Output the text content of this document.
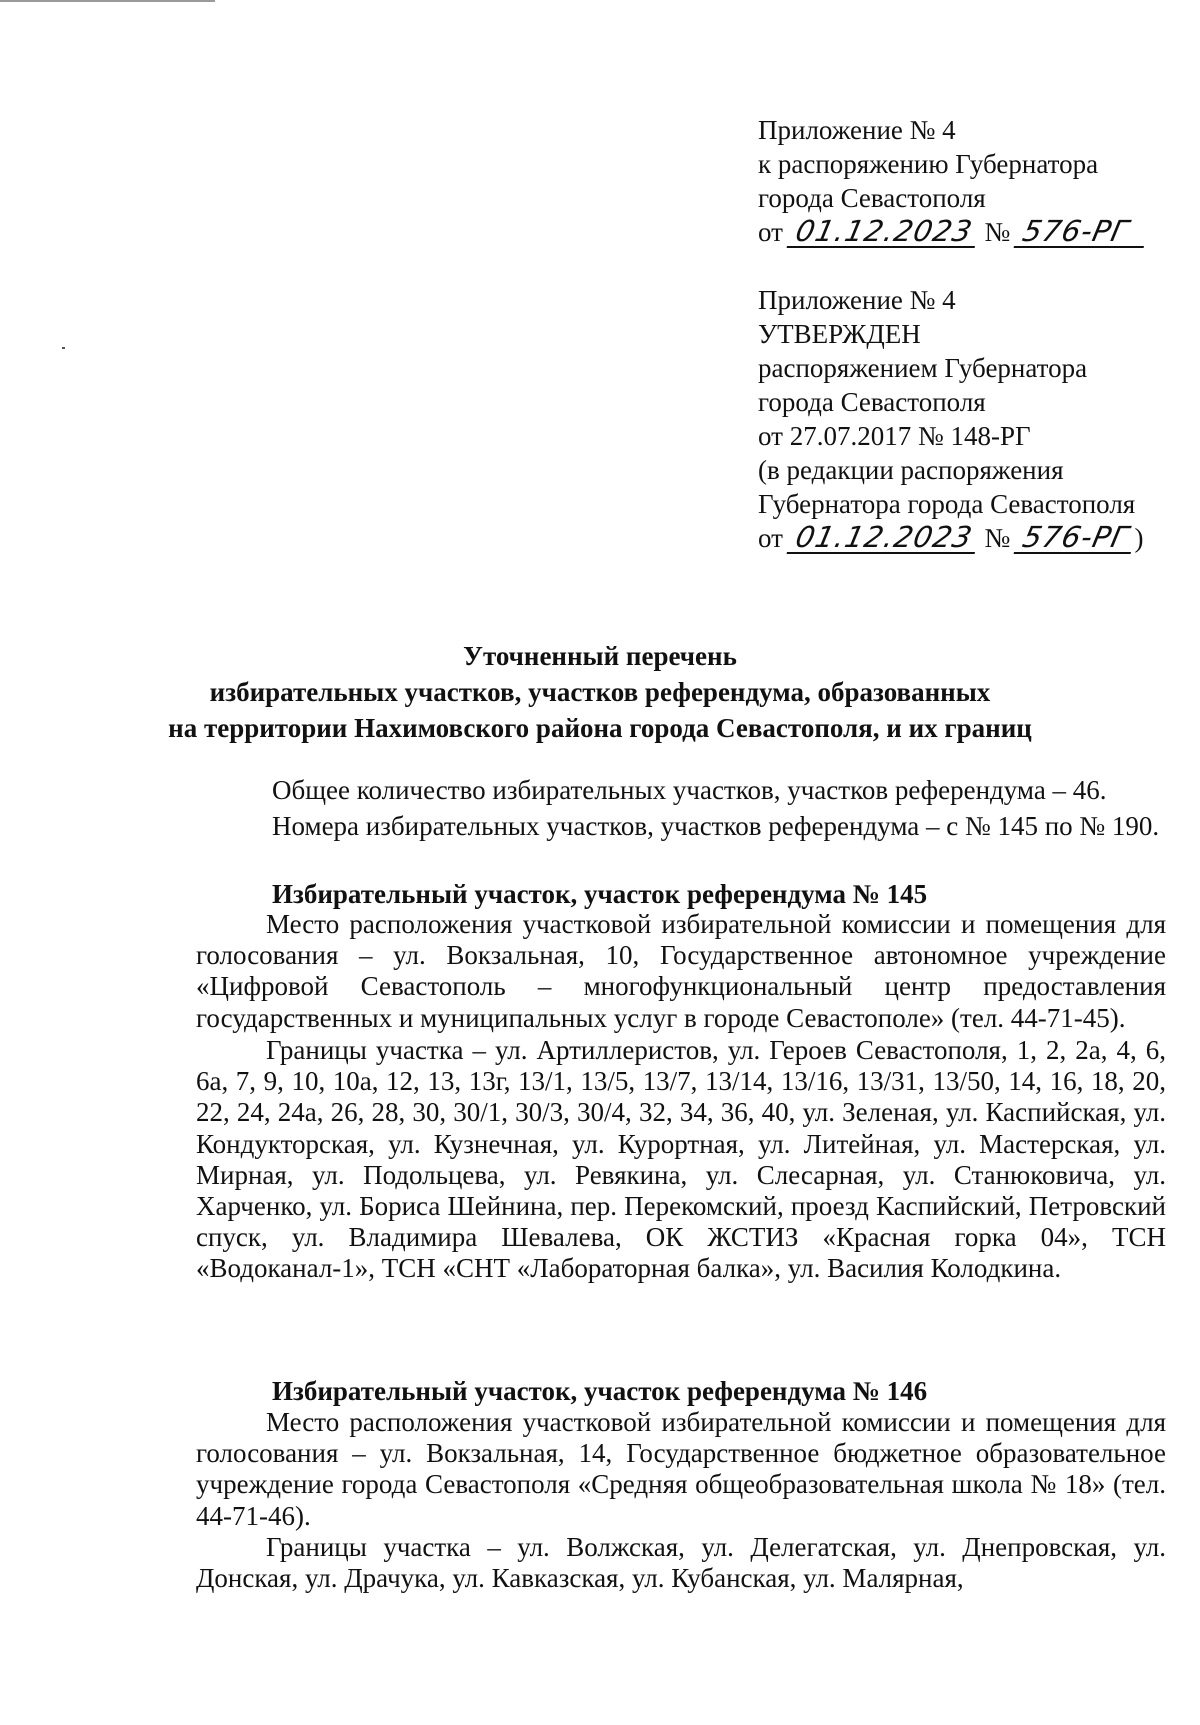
Приложение № 4
к распоряжению Губернатора
города Севастополя
от 01.12.2023 № 576-РГ
Приложение № 4
УТВЕРЖДЕН
распоряжением Губернатора
города Севастополя
от 27.07.2017 № 148-РГ
(в редакции распоряжения
Губернатора города Севастополя
от 01.12.2023 № 576-РГ)
Уточненный перечень
избирательных участков, участков референдума, образованных
на территории Нахимовского района города Севастополя, и их границ
Общее количество избирательных участков, участков референдума – 46.
Номера избирательных участков, участков референдума – с № 145 по № 190.
Избирательный участок, участок референдума № 145
Место расположения участковой избирательной комиссии и помещения для голосования – ул. Вокзальная, 10, Государственное автономное учреждение «Цифровой Севастополь – многофункциональный центр предоставления государственных и муниципальных услуг в городе Севастополе» (тел. 44-71-45).
Границы участка – ул. Артиллеристов, ул. Героев Севастополя, 1, 2, 2а, 4, 6, 6а, 7, 9, 10, 10а, 12, 13, 13г, 13/1, 13/5, 13/7, 13/14, 13/16, 13/31, 13/50, 14, 16, 18, 20, 22, 24, 24а, 26, 28, 30, 30/1, 30/3, 30/4, 32, 34, 36, 40, ул. Зеленая, ул. Каспийская, ул. Кондукторская, ул. Кузнечная, ул. Курортная, ул. Литейная, ул. Мастерская, ул. Мирная, ул. Подольцева, ул. Ревякина, ул. Слесарная, ул. Станюковича, ул. Харченко, ул. Бориса Шейнина, пер. Перекомский, проезд Каспийский, Петровский спуск, ул. Владимира Шевалева, ОК ЖСТИЗ «Красная горка 04», ТСН «Водоканал-1», ТСН «СНТ «Лабораторная балка», ул. Василия Колодкина.
Избирательный участок, участок референдума № 146
Место расположения участковой избирательной комиссии и помещения для голосования – ул. Вокзальная, 14, Государственное бюджетное образовательное учреждение города Севастополя «Средняя общеобразовательная школа № 18» (тел. 44-71-46).
Границы участка – ул. Волжская, ул. Делегатская, ул. Днепровская, ул. Донская, ул. Драчука, ул. Кавказская, ул. Кубанская, ул. Малярная,
